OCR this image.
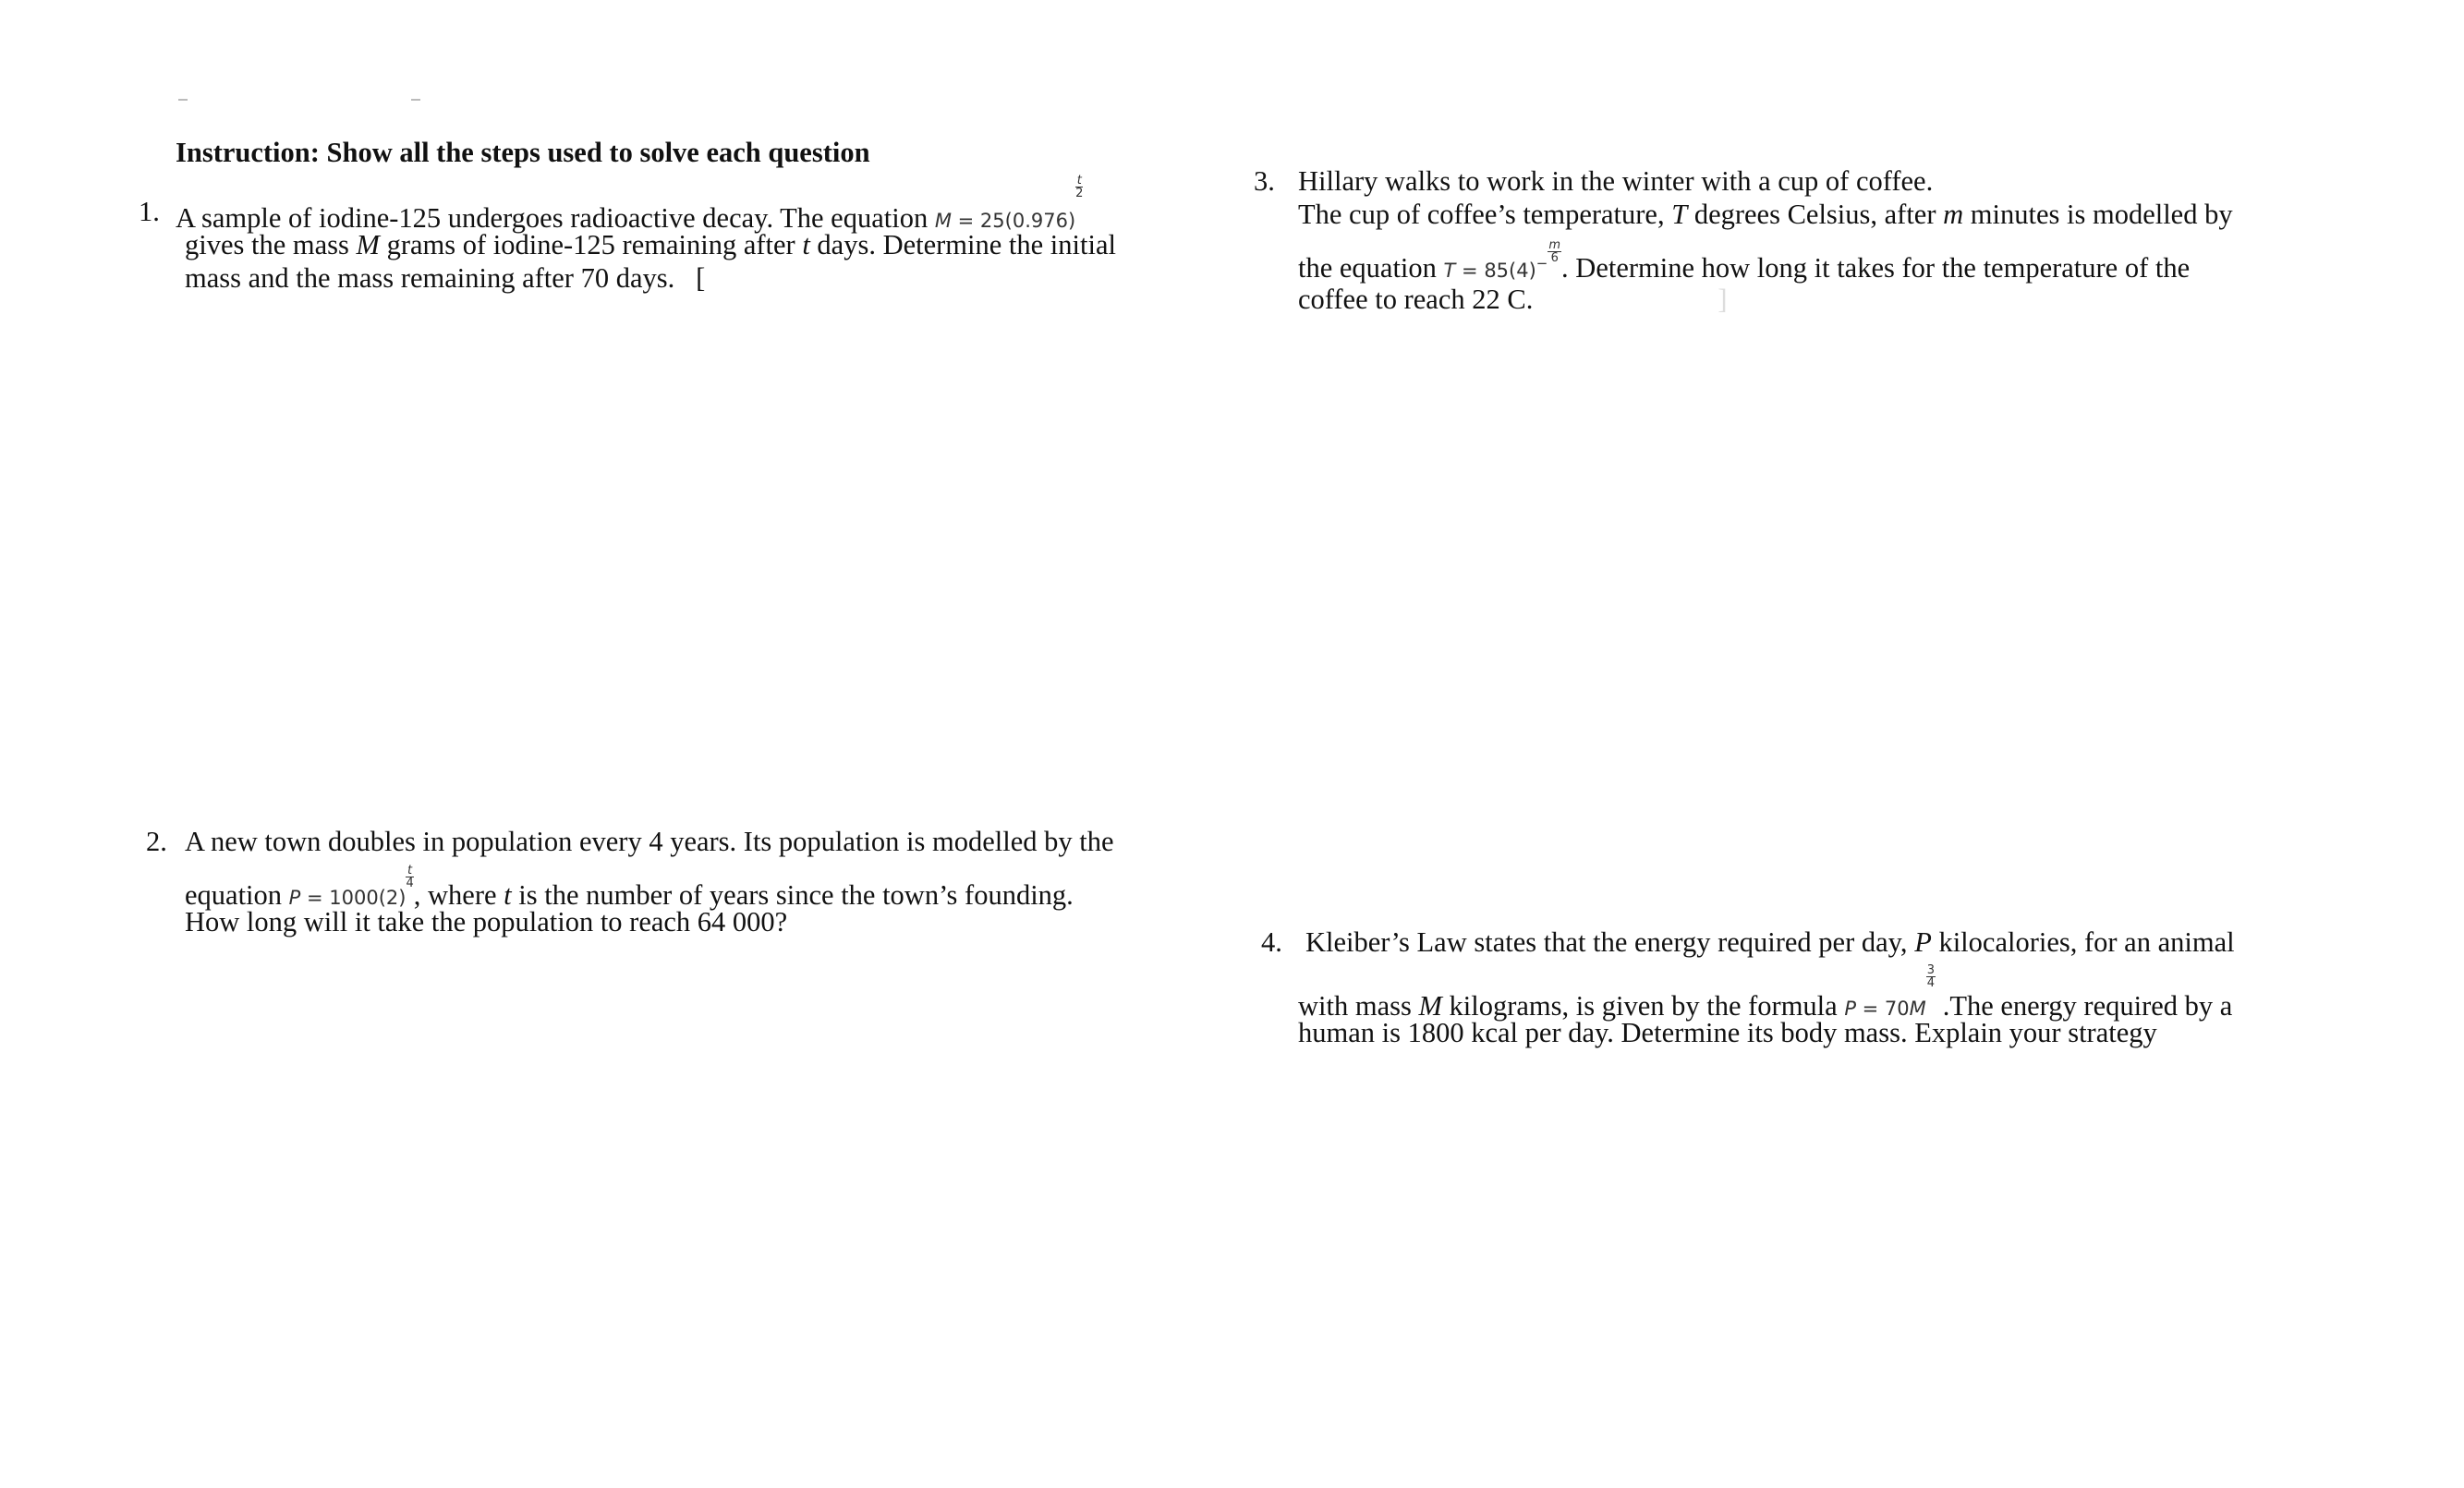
Instruction: Show all the steps used to solve each question
1. A sample of iodine-125 undergoes radioactive decay. The equation M = 25(0.976)
$\frac{t}{2}$
gives the mass M grams of iodine-125 remaining after t days. Determine the initial
mass and the mass remaining after 70 days. [
2. A new town doubles in population every 4 years. Its population is modelled by the
equation P = 1000(2)
$\frac{t}{4}$
, where t is the number of years since the town’s founding.
How long will it take the population to reach 64 000?
3. Hillary walks to work in the winter with a cup of coffee.
The cup of coffee’s temperature, T degrees Celsius, after m minutes is modelled by
the equation $T = 85(4)^- \frac{m}{6}$
. Determine how long it takes for the temperature of the
coffee to reach 22 C.	]
4. Kleiber’s Law states that the energy required per day, P kilocalories, for an animal
with mass M kilograms, is given by the formula P = 70M
$\frac{3}{4}$
.The energy required by a
human is 1800 kcal per day. Determine its body mass. Explain your strategy
